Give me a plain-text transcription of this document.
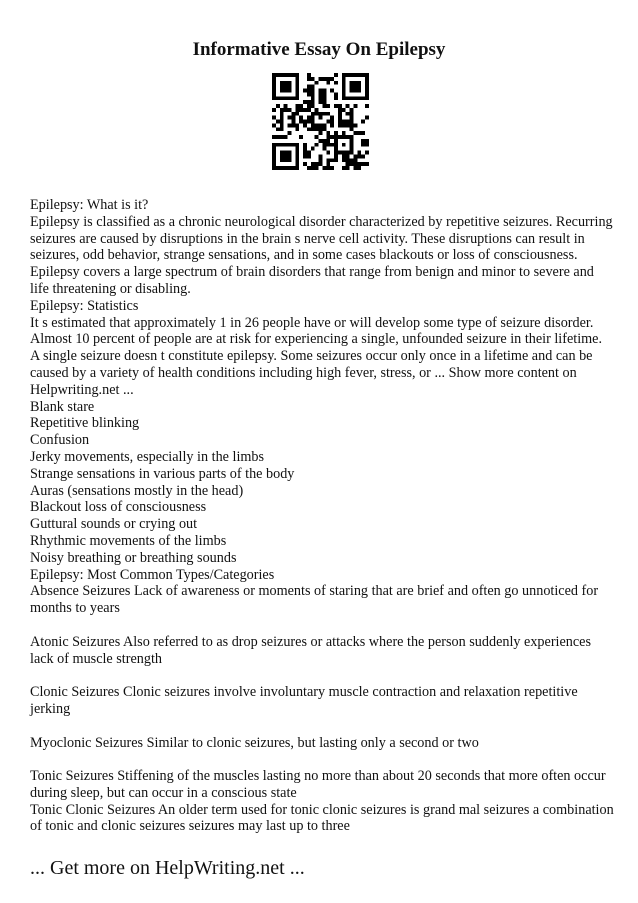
Informative Essay On Epilepsy

Epilepsy: What is it?

Epilepsy is classified as a chronic neurological disorder characterized by repetitive seizures. Recurring seizures are caused by disruptions in the brain s nerve cell activity. These disruptions can result in seizures, odd behavior, strange sensations, and in some cases blackouts or loss of consciousness. Epilepsy covers a large spectrum of brain disorders that range from benign and minor to severe and life threatening or disabling.

Epilepsy: Statistics

It s estimated that approximately 1 in 26 people have or will develop some type of seizure disorder. Almost 10 percent of people are at risk for experiencing a single, unfounded seizure in their lifetime. A single seizure doesn t constitute epilepsy. Some seizures occur only once in a lifetime and can be caused by a variety of health conditions including high fever, stress, or ... Show more content on Helpwriting.net ...

Blank stare

Repetitive blinking

Confusion

Jerky movements, especially in the limbs

Strange sensations in various parts of the body

Auras (sensations mostly in the head)

Blackout loss of consciousness

Guttural sounds or crying out

Rhythmic movements of the limbs

Noisy breathing or breathing sounds

Epilepsy: Most Common Types/Categories

Absence Seizures Lack of awareness or moments of staring that are brief and often go unnoticed for months to years

Atonic Seizures Also referred to as drop seizures or attacks where the person suddenly experiences lack of muscle strength

Clonic Seizures Clonic seizures involve involuntary muscle contraction and relaxation repetitive jerking

Myoclonic Seizures Similar to clonic seizures, but lasting only a second or two

Tonic Seizures Stiffening of the muscles lasting no more than about 20 seconds that more often occur during sleep, but can occur in a conscious state

Tonic Clonic Seizures An older term used for tonic clonic seizures is grand mal seizures a combination of tonic and clonic seizures seizures may last up to three

... Get more on HelpWriting.net ...
